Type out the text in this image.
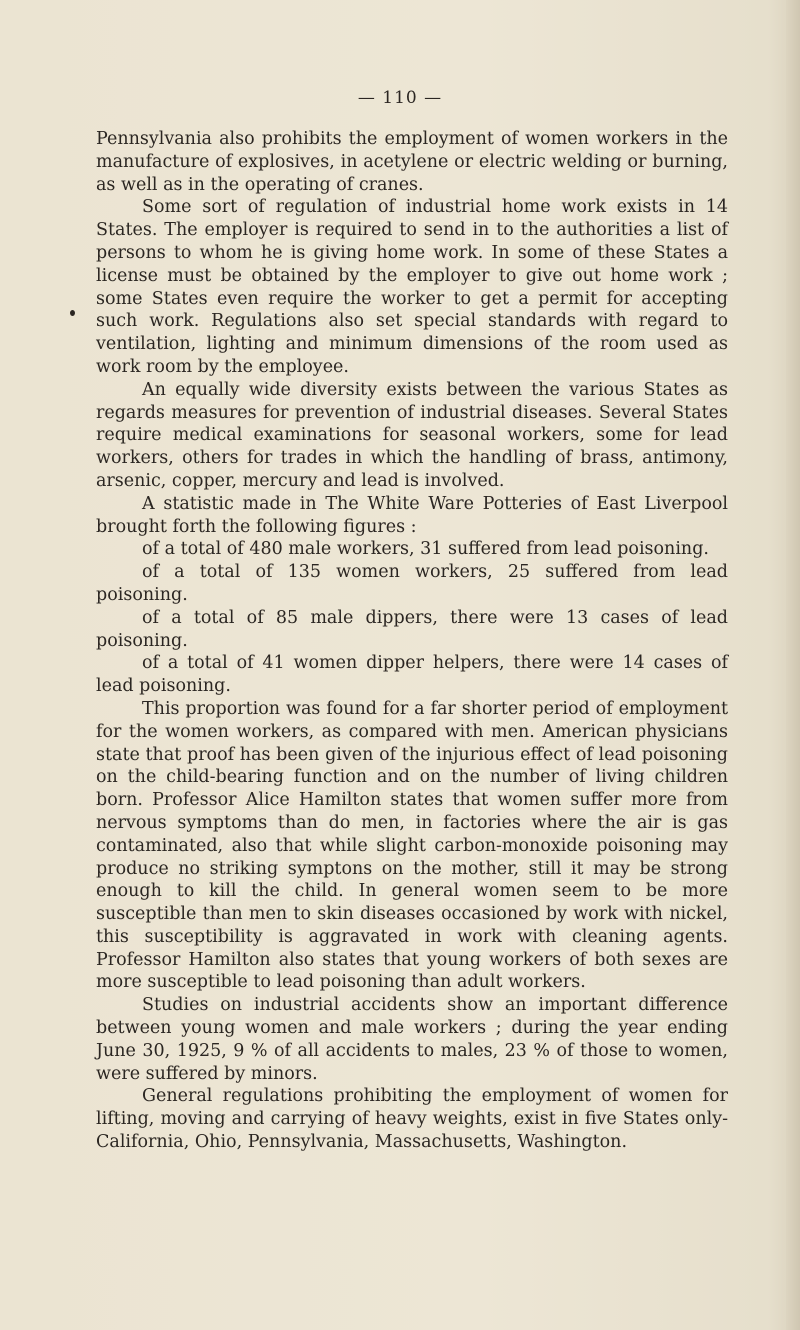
— 110 —

Pennsylvania also prohibits the employment of women workers in the manufacture of explosives, in acetylene or electric welding or burning, as well as in the operating of cranes.

Some sort of regulation of industrial home work exists in 14 States. The employer is required to send in to the authorities a list of persons to whom he is giving home work. In some of these States a license must be obtained by the employer to give out home work ; some States even require the worker to get a permit for accepting such work. Regulations also set special standards with regard to ventilation, lighting and minimum dimensions of the room used as work room by the employee.

An equally wide diversity exists between the various States as regards measures for prevention of industrial diseases. Several States require medical examinations for seasonal workers, some for lead workers, others for trades in which the handling of brass, antimony, arsenic, copper, mercury and lead is involved.

A statistic made in The White Ware Potteries of East Liverpool brought forth the following figures :

of a total of 480 male workers, 31 suffered from lead poisoning.

of a total of 135 women workers, 25 suffered from lead poisoning.

of a total of 85 male dippers, there were 13 cases of lead poisoning.

of a total of 41 women dipper helpers, there were 14 cases of lead poisoning.

This proportion was found for a far shorter period of employment for the women workers, as compared with men. American physicians state that proof has been given of the injurious effect of lead poisoning on the child-bearing function and on the number of living children born. Professor Alice Hamilton states that women suffer more from nervous symptoms than do men, in factories where the air is gas contaminated, also that while slight carbon-monoxide poisoning may produce no striking symptons on the mother, still it may be strong enough to kill the child. In general women seem to be more susceptible than men to skin diseases occasioned by work with nickel, this susceptibility is aggravated in work with cleaning agents. Professor Hamilton also states that young workers of both sexes are more susceptible to lead poisoning than adult workers.

Studies on industrial accidents show an important difference between young women and male workers ; during the year ending June 30, 1925, 9 % of all accidents to males, 23 % of those to women, were suffered by minors.

General regulations prohibiting the employment of women for lifting, moving and carrying of heavy weights, exist in five States only-California, Ohio, Pennsylvania, Massachusetts, Washington.
